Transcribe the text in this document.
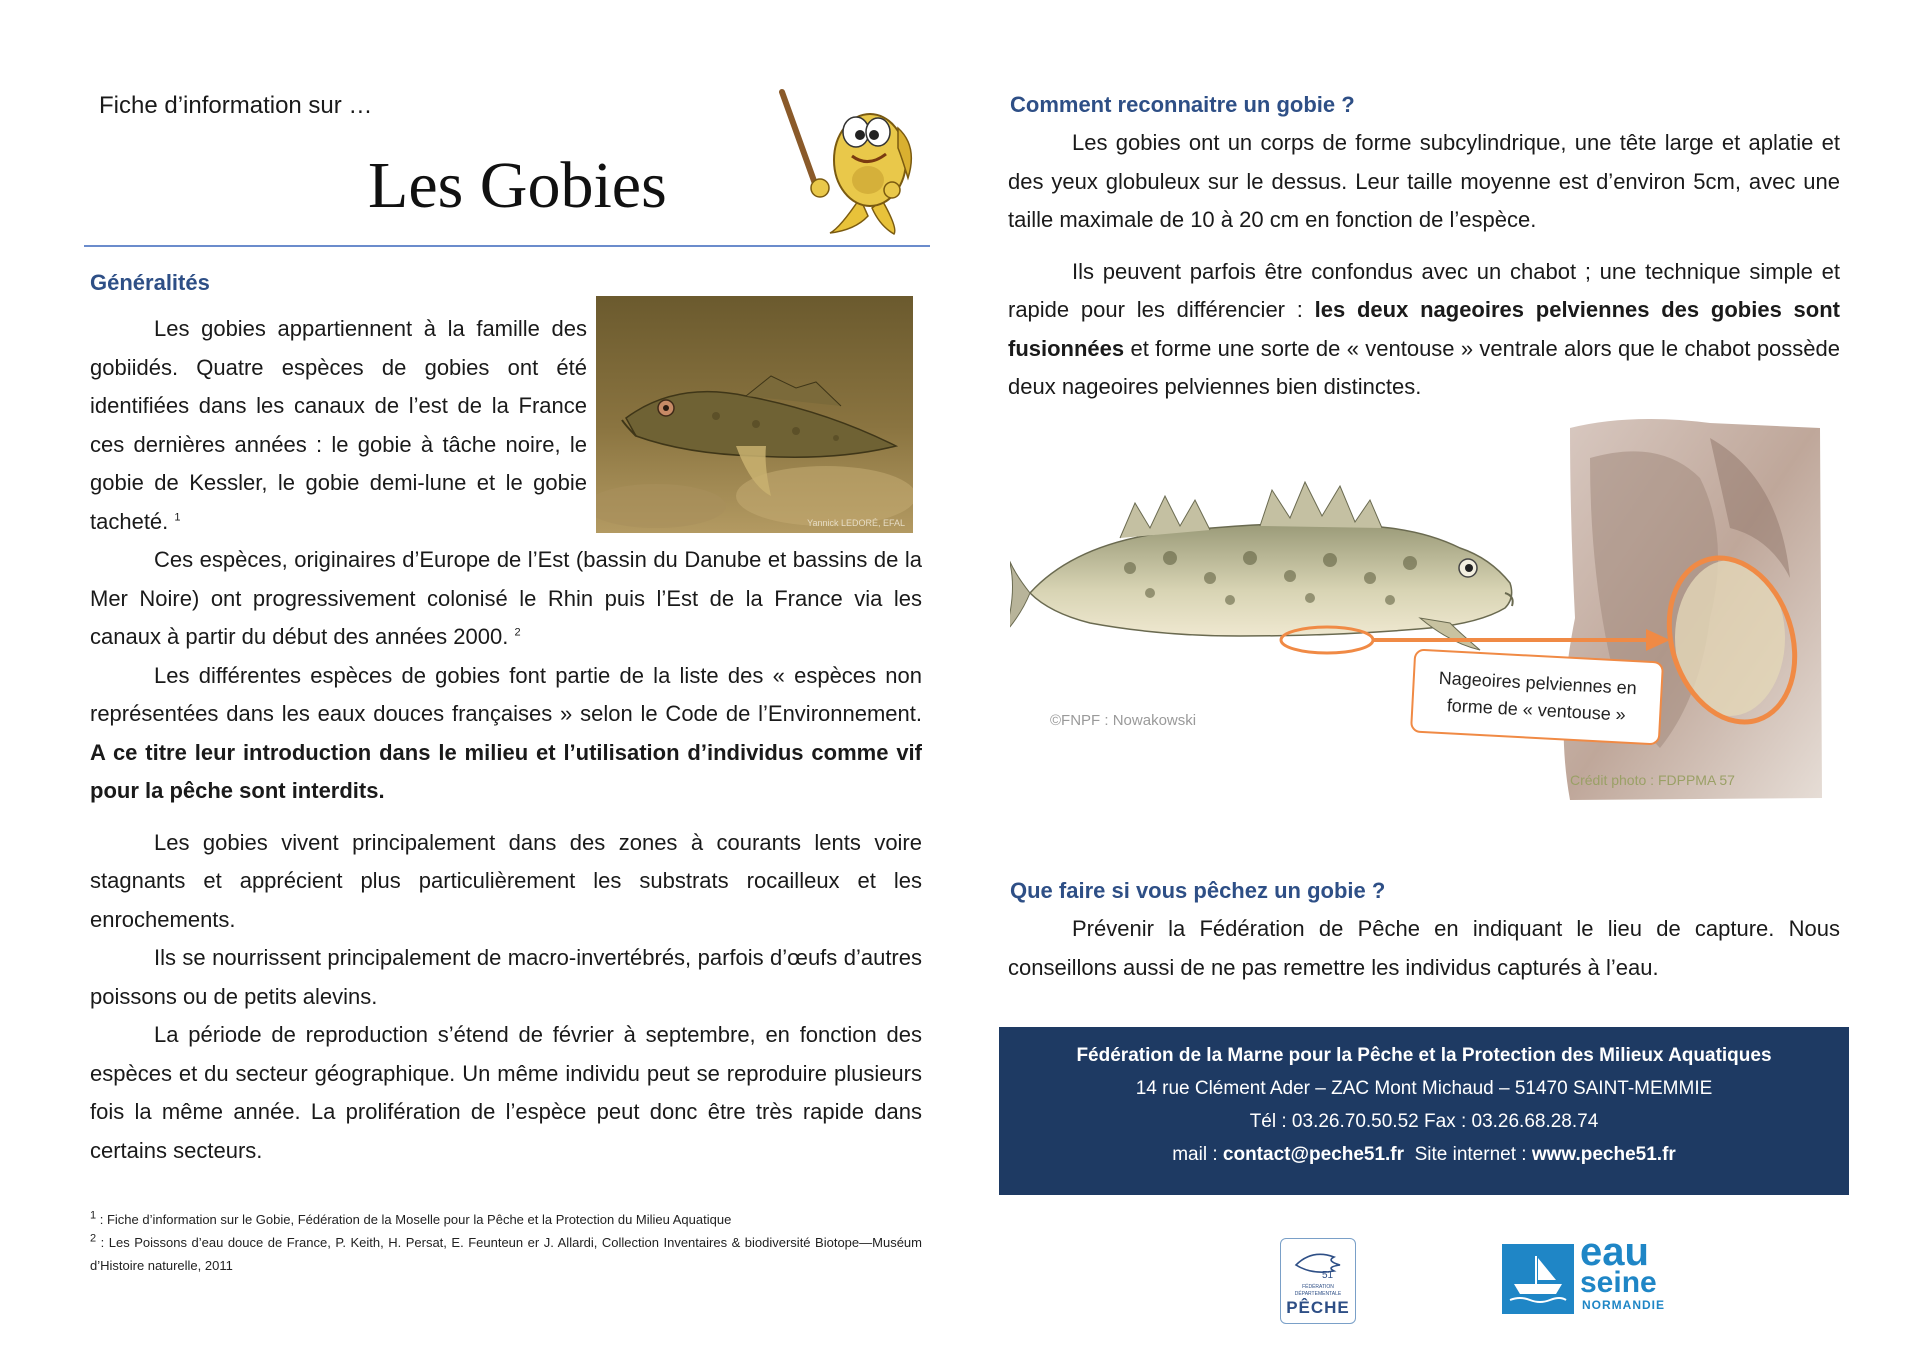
Fiche d’information sur …
Les Gobies
Généralités
Yannick LEDORÉ, EFAL

Les gobies appartiennent à la famille des gobiidés. Quatre espèces de gobies ont été identifiées dans les canaux de l’est de la France ces dernières années : le gobie à tâche noire, le gobie de Kessler, le gobie demi-lune et le gobie tacheté. $^1$

Ces espèces, originaires d’Europe de l’Est (bassin du Danube et bassins de la Mer Noire) ont progressivement colonisé le Rhin puis l’Est de la France via les canaux à partir du début des années 2000. $^2$

Les différentes espèces de gobies font partie de la liste des « espèces non représentées dans les eaux douces françaises » selon le Code de l’Environnement. A ce titre leur introduction dans le milieu et l’utilisation d’individus comme vif pour la pêche sont interdits.

Les gobies vivent principalement dans des zones à courants lents voire stagnants et apprécient plus particulièrement les substrats rocailleux et les enrochements.

Ils se nourrissent principalement de macro-invertébrés, parfois d’œufs d’autres poissons ou de petits alevins.

La période de reproduction s’étend de février à septembre, en fonction des espèces et du secteur géographique. Un même individu peut se reproduire plusieurs fois la même année. La prolifération de l’espèce peut donc être très rapide dans certains secteurs.

$^1$ : Fiche d’information sur le Gobie, Fédération de la Moselle pour la Pêche et la Protection du Milieu Aquatique

$^2$ : Les Poissons d’eau douce de France, P. Keith, H. Persat, E. Feunteun er J. Allardi, Collection Inventaires & biodiversité Biotope—Muséum d’Histoire naturelle, 2011

Comment reconnaitre un gobie ?

Les gobies ont un corps de forme subcylindrique, une tête large et aplatie et des yeux globuleux sur le dessus. Leur taille moyenne est d’environ 5cm, avec une taille maximale de 10 à 20 cm en fonction de l’espèce.

Ils peuvent parfois être confondus avec un chabot ; une technique simple et rapide pour les différencier : les deux nageoires pelviennes des gobies sont fusionnées et forme une sorte de « ventouse » ventrale alors que le chabot possède deux nageoires pelviennes bien distinctes.

©FNPF : Nowakowski
Nageoires pelviennes en forme de « ventouse »
Crédit photo : FDPPMA 57
Que faire si vous pêchez un gobie ?

Prévenir la Fédération de Pêche en indiquant le lieu de capture. Nous conseillons aussi de ne pas remettre les individus capturés à l’eau.

Fédération de la Marne pour la Pêche et la Protection des Milieux Aquatiques
14 rue Clément Ader – ZAC Mont Michaud – 51470 SAINT-MEMMIE
Tél : 03.26.70.50.52 Fax : 03.26.68.28.74
mail : contact@peche51.fr  Site internet : www.peche51.fr
51
FÉDÉRATION DÉPARTEMENTALE
PÊCHE
eau
seine
NORMANDIE
